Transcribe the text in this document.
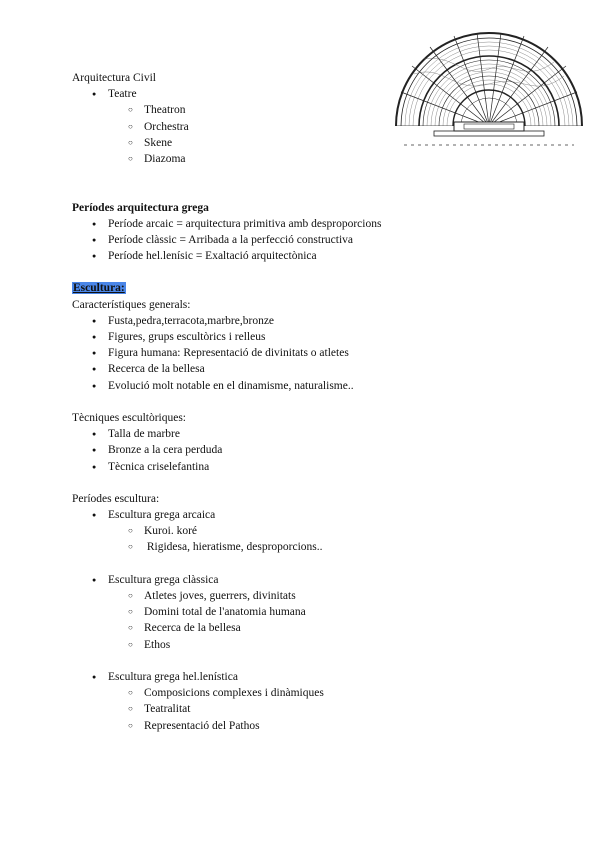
Arquitectura Civil
● Teatre
○ Theatron
○ Orchestra
○ Skene
○ Diazoma
Períodes arquitectura grega
● Període arcaic = arquitectura primitiva amb desproporcions
● Període clàssic = Arribada a la perfecció constructiva
● Període hel.lenísic = Exaltació arquitectònica
Escultura:
Característiques generals:
● Fusta,pedra,terracota,marbre,bronze
● Figures, grups escultòrics i relleus
● Figura humana: Representació de divinitats o atletes
● Recerca de la bellesa
● Evolució molt notable en el dinamisme, naturalisme..
Tècniques escultòriques:
● Talla de marbre
● Bronze a la cera perduda
● Tècnica criselefantina
Períodes escultura:
● Escultura grega arcaica
○ Kuroi. koré
○  Rigidesa, hieratisme, desproporcions..
● Escultura grega clàssica
○ Atletes joves, guerrers, divinitats
○ Domini total de l'anatomia humana
○ Recerca de la bellesa
○ Ethos
● Escultura grega hel.lenística
○ Composicions complexes i dinàmiques
○ Teatralitat
○ Representació del Pathos
